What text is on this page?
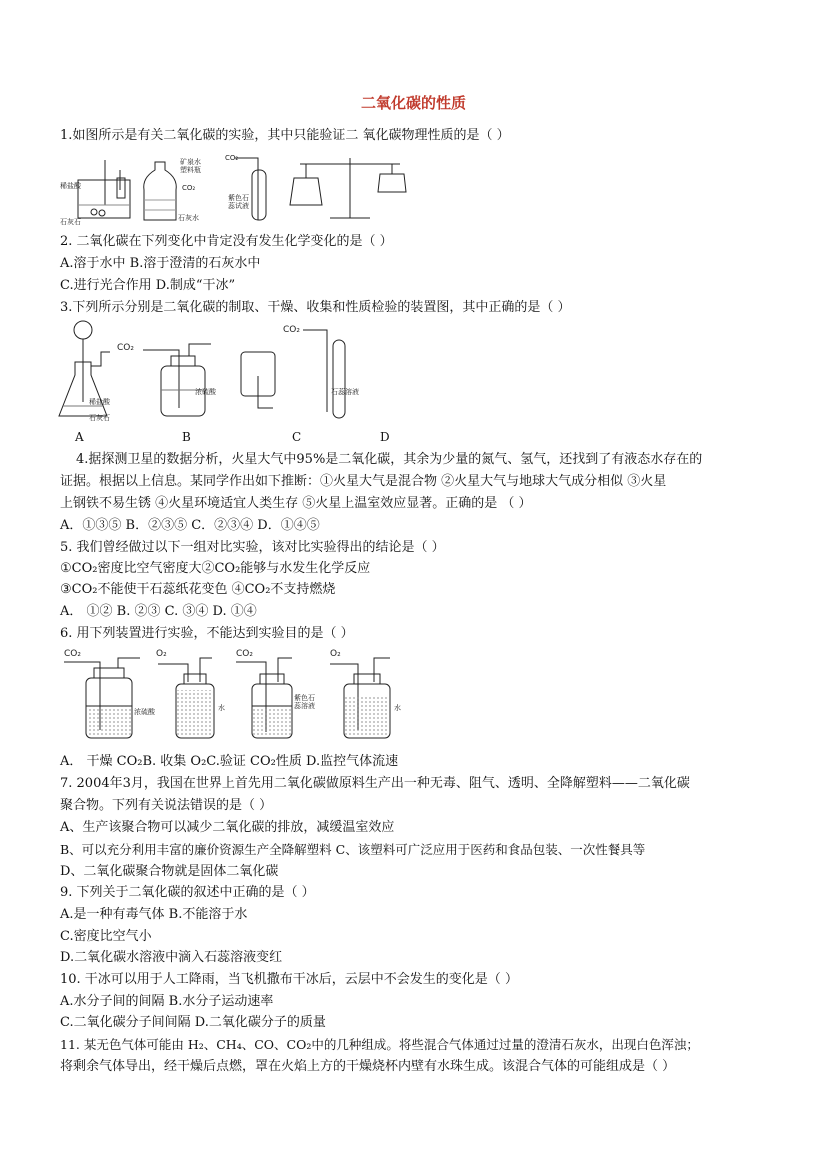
二氧化碳的性质
1.如图所示是有关二氧化碳的实验，其中只能验证二 氧化碳物理性质的是（ ）
稀盐酸
石灰石
矿泉水
塑料瓶
CO₂
石灰水
CO₂
紫色石
蕊试液
2. 二氧化碳在下列变化中肯定没有发生化学变化的是（ ）
A.溶于水中 B.溶于澄清的石灰水中
C.进行光合作用 D.制成“干冰”
3.下列所示分别是二氧化碳的制取、干燥、收集和性质检验的装置图，其中正确的是（ ）
稀盐酸
石灰石
CO₂
浓硫酸
CO₂
石蕊溶液
A	B	C	D
4.据探测卫星的数据分析，火星大气中95%是二氧化碳，其余为少量的氮气、氢气，还找到了有液态水存在的
证据。根据以上信息。某同学作出如下推断：①火星大气是混合物 ②火星大气与地球大气成分相似 ③火星
上钢铁不易生锈 ④火星环境适宜人类生存 ⑤火星上温室效应显著。正确的是 （ ）
A．①③⑤ B．②③⑤ C．②③④ D．①④⑤
5. 我们曾经做过以下一组对比实验，该对比实验得出的结论是（ ）
①CO₂密度比空气密度大②CO₂能够与水发生化学反应
③CO₂不能使干石蕊纸花变色 ④CO₂不支持燃烧
A． ①② B. ②③ C. ③④ D. ①④
6. 用下列装置进行实验，不能达到实验目的是（ ）
CO₂
浓硫酸
O₂
水
CO₂
紫色石
蕊溶液
O₂
水
A． 干燥 CO₂B. 收集 O₂C.验证 CO₂性质 D.监控气体流速
7. 2004年3月，我国在世界上首先用二氧化碳做原料生产出一种无毒、阻气、透明、全降解塑料——二氧化碳
聚合物。下列有关说法错误的是（ ）
A、生产该聚合物可以减少二氧化碳的排放，减缓温室效应
B、可以充分利用丰富的廉价资源生产全降解塑料 C、该塑料可广泛应用于医药和食品包装、一次性餐具等
D、二氧化碳聚合物就是固体二氧化碳
9. 下列关于二氧化碳的叙述中正确的是（ ）
A.是一种有毒气体 B.不能溶于水
C.密度比空气小
D.二氧化碳水溶液中滴入石蕊溶液变红
10. 干冰可以用于人工降雨，当飞机撒布干冰后，云层中不会发生的变化是（ ）
A.水分子间的间隔 B.水分子运动速率
C.二氧化碳分子间间隔 D.二氧化碳分子的质量
11. 某无色气体可能由 H₂、CH₄、CO、CO₂中的几种组成。将些混合气体通过过量的澄清石灰水，出现白色浑浊；
将剩余气体导出，经干燥后点燃，罩在火焰上方的干燥烧杯内壁有水珠生成。该混合气体的可能组成是（ ）
